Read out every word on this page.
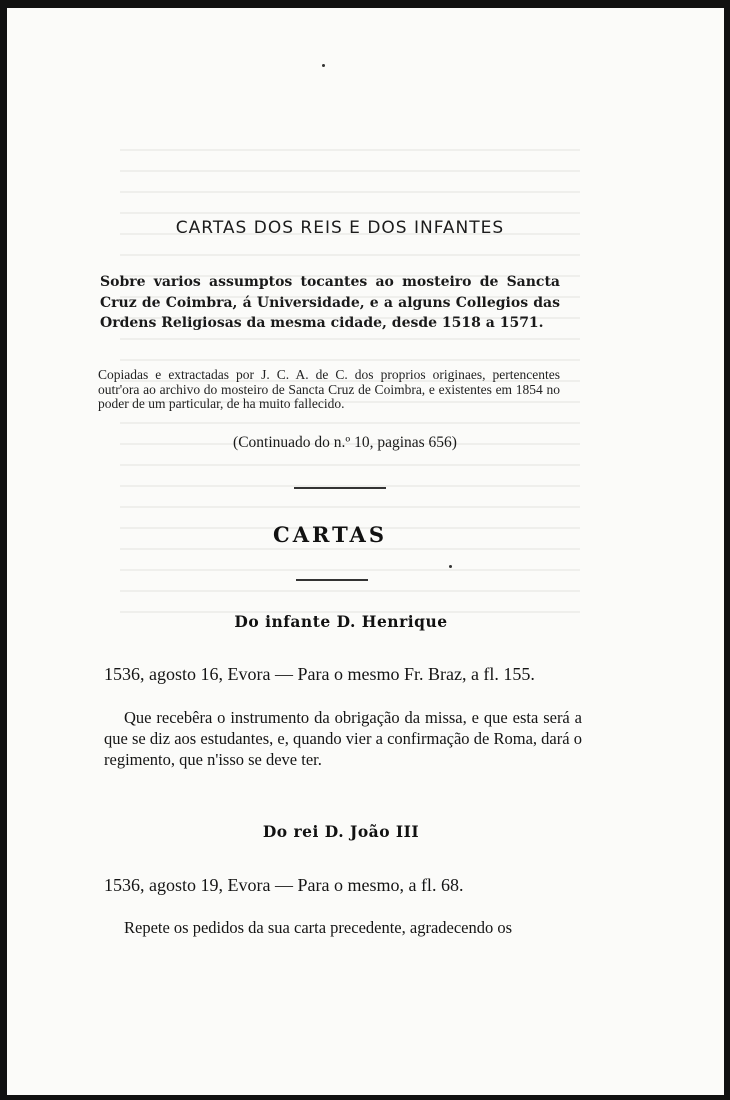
CARTAS DOS REIS E DOS INFANTES
Sobre varios assumptos tocantes ao mosteiro de Sancta Cruz de Coimbra, á Universidade, e a alguns Collegios das Ordens Religiosas da mesma cidade, desde 1518 a 1571.
Copiadas e extractadas por J. C. A. de C. dos proprios originaes, pertencentes outr'ora ao archivo do mosteiro de Sancta Cruz de Coimbra, e existentes em 1854 no poder de um particular, de ha muito fallecido.
(Continuado do n.º 10, paginas 656)
CARTAS
Do infante D. Henrique
1536, agosto 16, Evora — Para o mesmo Fr. Braz, a fl. 155.
Que recebêra o instrumento da obrigação da missa, e que esta será a que se diz aos estudantes, e, quando vier a confirmação de Roma, dará o regimento, que n'isso se deve ter.
Do rei D. João III
1536, agosto 19, Evora — Para o mesmo, a fl. 68.
Repete os pedidos da sua carta precedente, agradecendo os
